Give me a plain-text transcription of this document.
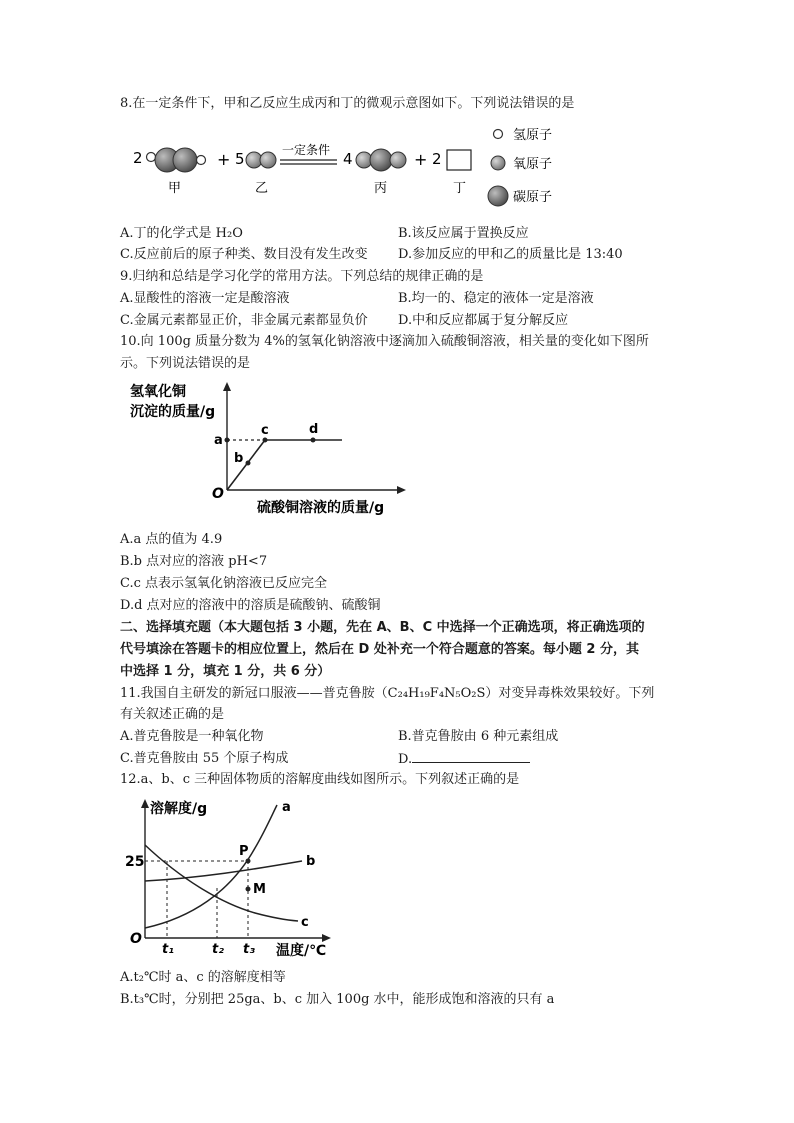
8.在一定条件下，甲和乙反应生成丙和丁的微观示意图如下。下列说法错误的是
2
甲
+ 5
乙
一定条件 4
丙
+ 2
丁
氢原子
氧原子
碳原子
A.丁的化学式是 H₂O	B.该反应属于置换反应
C.反应前后的原子种类、数目没有发生改变 D.参加反应的甲和乙的质量比是 13:40
9.归纳和总结是学习化学的常用方法。下列总结的规律正确的是
A.显酸性的溶液一定是酸溶液	B.均一的、稳定的液体一定是溶液
C.金属元素都显正价，非金属元素都显负价 D.中和反应都属于复分解反应
10.向 100g 质量分数为 4%的氢氧化钠溶液中逐滴加入硫酸铜溶液，相关量的变化如下图所
示。下列说法错误的是
氢氧化铜
沉淀的质量/g
a
b
c	d
O
硫酸铜溶液的质量/g
A.a 点的值为 4.9
B.b 点对应的溶液 pH<7
C.c 点表示氢氧化钠溶液已反应完全
D.d 点对应的溶液中的溶质是硫酸钠、硫酸铜
二、选择填充题（本大题包括 3 小题，先在 A、B、C 中选择一个正确选项，将正确选项的
代号填涂在答题卡的相应位置上，然后在 D 处补充一个符合题意的答案。每小题 2 分，其
中选择 1 分，填充 1 分，共 6 分）
11.我国自主研发的新冠口服液——普克鲁胺（C₂₄H₁₉F₄N₅O₂S）对变异毒株效果较好。下列
有关叙述正确的是
A.普克鲁胺是一种氧化物	B.普克鲁胺由 6 种元素组成
C.普克鲁胺由 55 个原子构成	D.
12.a、b、c 三种固体物质的溶解度曲线如图所示。下列叙述正确的是
溶解度/g
O
25
a
b
c
P
M
t₁	t₂ t₃ 温度/℃
A.t₂℃时 a、c 的溶解度相等
B.t₃℃时，分别把 25ga、b、c 加入 100g 水中，能形成饱和溶液的只有 a
